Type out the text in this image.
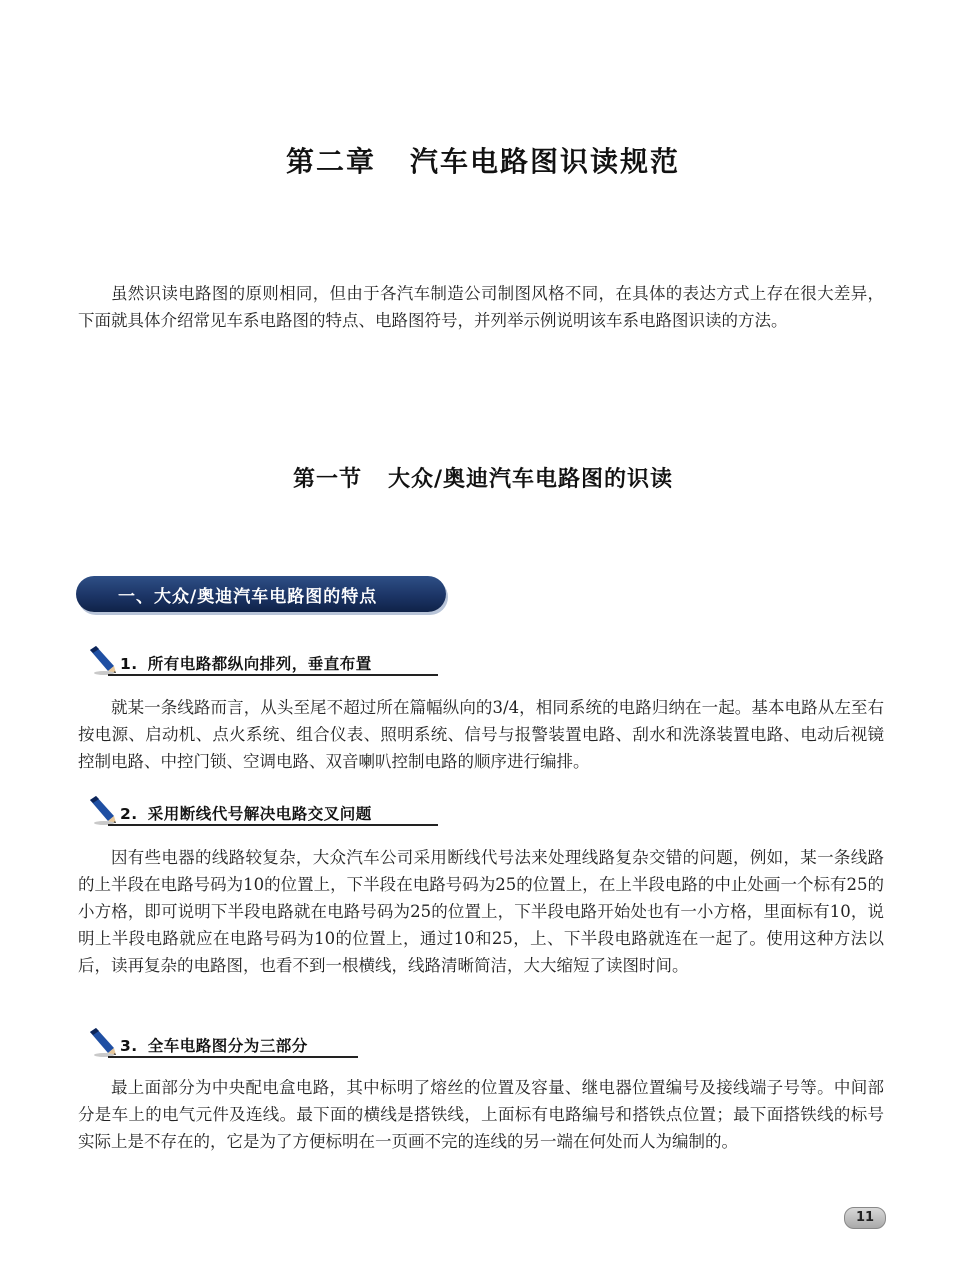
第二章 汽车电路图识读规范

虽然识读电路图的原则相同，但由于各汽车制造公司制图风格不同，在具体的表达方式上存在很大差异，下面就具体介绍常见车系电路图的特点、电路图符号，并列举示例说明该车系电路图识读的方法。

第一节 大众/奥迪汽车电路图的识读
一、大众/奥迪汽车电路图的特点
1. 所有电路都纵向排列，垂直布置

就某一条线路而言，从头至尾不超过所在篇幅纵向的3/4，相同系统的电路归纳在一起。基本电路从左至右按电源、启动机、点火系统、组合仪表、照明系统、信号与报警装置电路、刮水和洗涤装置电路、电动后视镜控制电路、中控门锁、空调电路、双音喇叭控制电路的顺序进行编排。

2. 采用断线代号解决电路交叉问题

因有些电器的线路较复杂，大众汽车公司采用断线代号法来处理线路复杂交错的问题，例如，某一条线路的上半段在电路号码为10的位置上，下半段在电路号码为25的位置上，在上半段电路的中止处画一个标有25的小方格，即可说明下半段电路就在电路号码为25的位置上，下半段电路开始处也有一小方格，里面标有10，说明上半段电路就应在电路号码为10的位置上，通过10和25，上、下半段电路就连在一起了。使用这种方法以后，读再复杂的电路图，也看不到一根横线，线路清晰简洁，大大缩短了读图时间。

3. 全车电路图分为三部分

最上面部分为中央配电盒电路，其中标明了熔丝的位置及容量、继电器位置编号及接线端子号等。中间部分是车上的电气元件及连线。最下面的横线是搭铁线，上面标有电路编号和搭铁点位置；最下面搭铁线的标号实际上是不存在的，它是为了方便标明在一页画不完的连线的另一端在何处而人为编制的。

11
